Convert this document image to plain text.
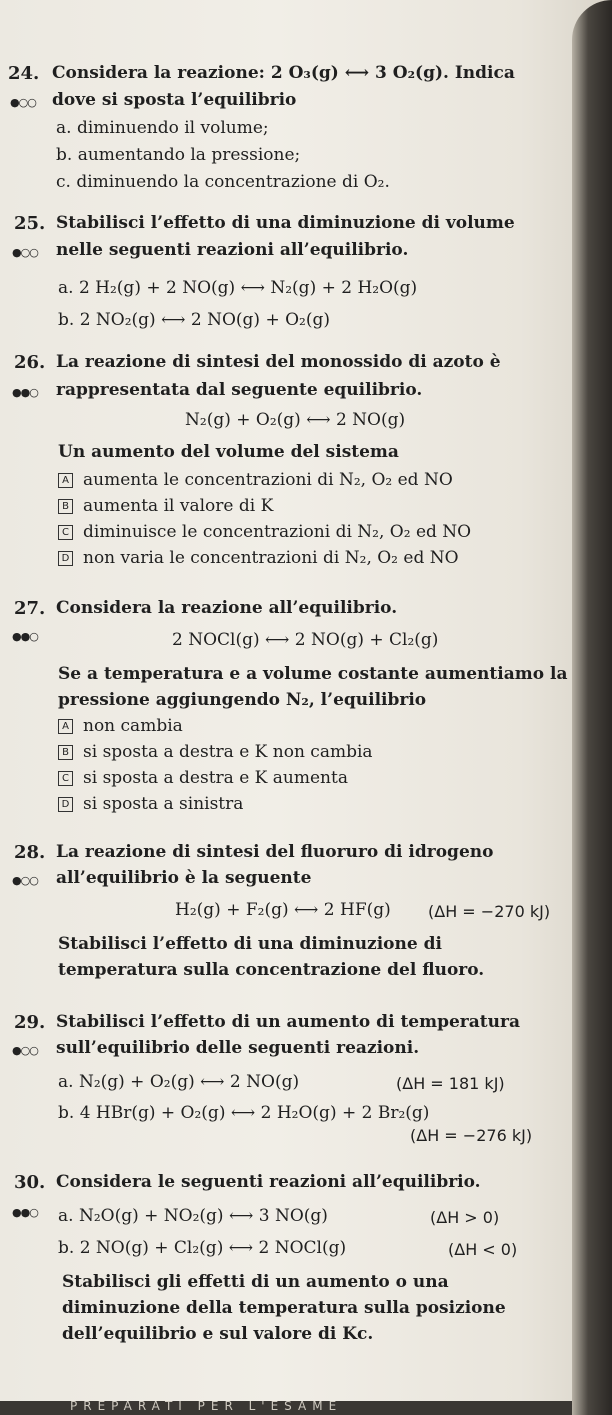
24.
●○○
Considera la reazione: 2 O₃(g) ⟷ 3 O₂(g). Indica
dove si sposta l’equilibrio
a. diminuendo il volume;
b. aumentando la pressione;
c. diminuendo la concentrazione di O₂.
25.
●○○
Stabilisci l’effetto di una diminuzione di volume
nelle seguenti reazioni all’equilibrio.
a. 2 H₂(g) + 2 NO(g) ⟷ N₂(g) + 2 H₂O(g)
b. 2 NO₂(g) ⟷ 2 NO(g) + O₂(g)
26.
●●○
La reazione di sintesi del monossido di azoto è
rappresentata dal seguente equilibrio.
N₂(g) + O₂(g) ⟷ 2 NO(g)
Un aumento del volume del sistema
A aumenta le concentrazioni di N₂, O₂ ed NO
B aumenta il valore di K
C diminuisce le concentrazioni di N₂, O₂ ed NO
D non varia le concentrazioni di N₂, O₂ ed NO
27.
●●○
Considera la reazione all’equilibrio.
2 NOCl(g) ⟷ 2 NO(g) + Cl₂(g)
Se a temperatura e a volume costante aumentiamo la
pressione aggiungendo N₂, l’equilibrio
A non cambia
B si sposta a destra e K non cambia
C si sposta a destra e K aumenta
D si sposta a sinistra
28.
●○○
La reazione di sintesi del fluoruro di idrogeno
all’equilibrio è la seguente
H₂(g) + F₂(g) ⟷ 2 HF(g) (ΔH = −270 kJ)
Stabilisci l’effetto di una diminuzione di
temperatura sulla concentrazione del fluoro.
29.
●○○
Stabilisci l’effetto di un aumento di temperatura
sull’equilibrio delle seguenti reazioni.
a. N₂(g) + O₂(g) ⟷ 2 NO(g)	(ΔH = 181 kJ)
b. 4 HBr(g) + O₂(g) ⟷ 2 H₂O(g) + 2 Br₂(g)
(ΔH = −276 kJ)
30.
●●○
Considera le seguenti reazioni all’equilibrio.
a. N₂O(g) + NO₂(g) ⟷ 3 NO(g)	(ΔH > 0)
b. 2 NO(g) + Cl₂(g) ⟷ 2 NOCl(g)	(ΔH < 0)
Stabilisci gli effetti di un aumento o una
diminuzione della temperatura sulla posizione
dell’equilibrio e sul valore di Kc.
PREPARATI PER L'ESAME
